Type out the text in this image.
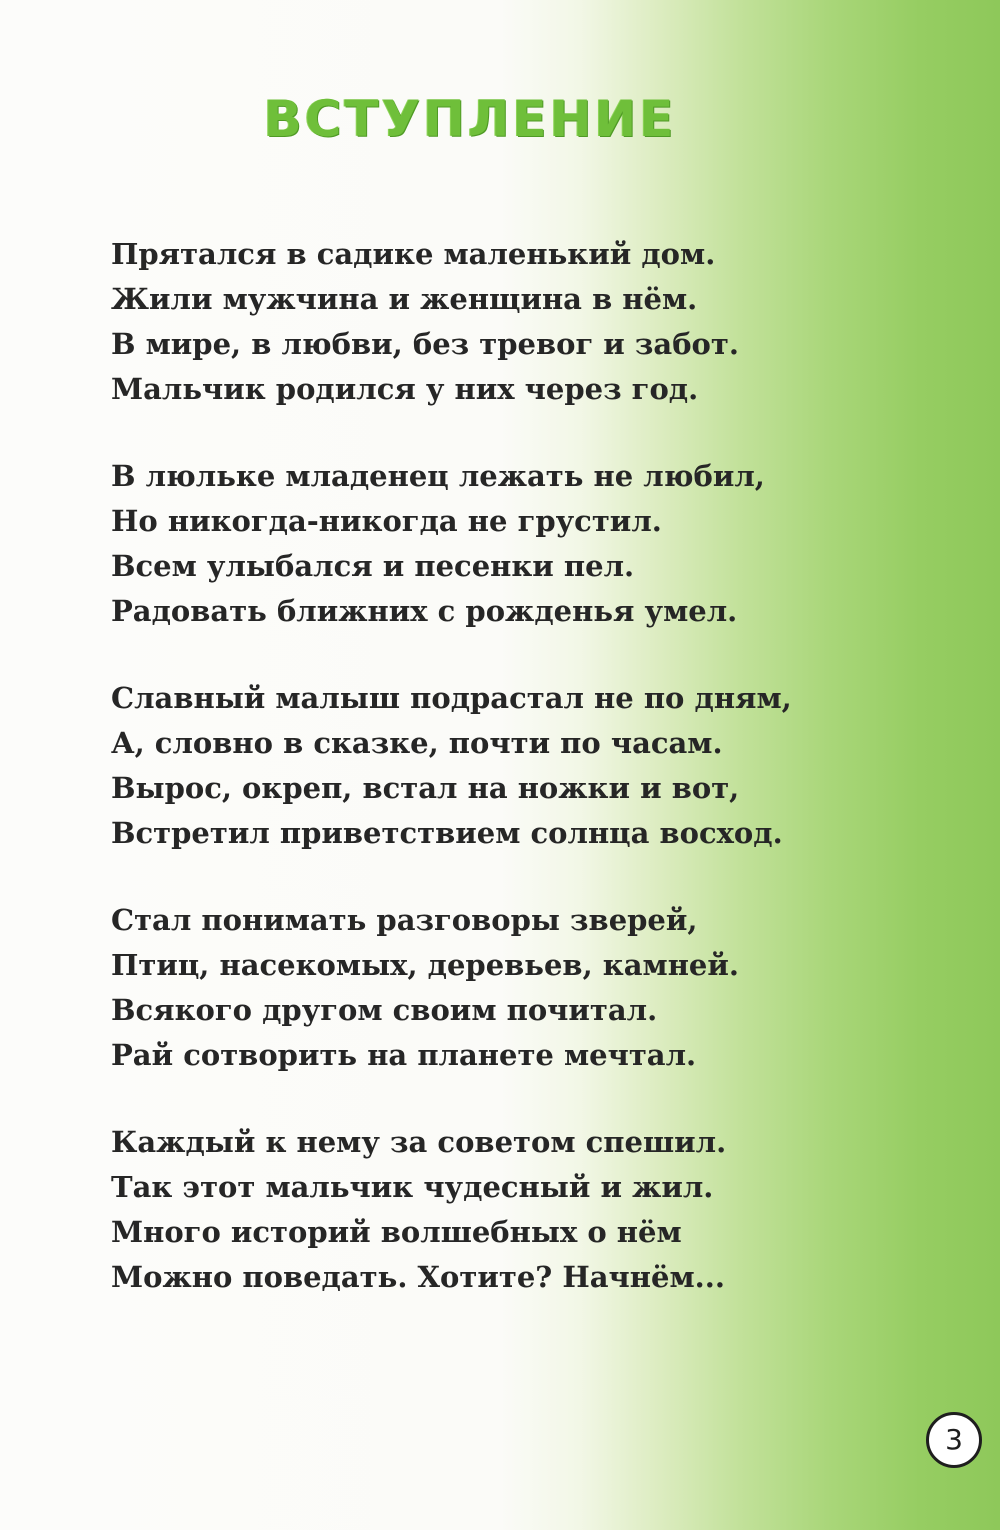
ВСТУПЛЕНИЕ
Прятался в садике маленький дом.
Жили мужчина и женщина в нём.
В мире, в любви, без тревог и забот.
Мальчик родился у них через год.
В люльке младенец лежать не любил,
Но никогда-никогда не грустил.
Всем улыбался и песенки пел.
Радовать ближних с рожденья умел.
Славный малыш подрастал не по дням,
А, словно в сказке, почти по часам.
Вырос, окреп, встал на ножки и вот,
Встретил приветствием солнца восход.
Стал понимать разговоры зверей,
Птиц, насекомых, деревьев, камней.
Всякого другом своим почитал.
Рай сотворить на планете мечтал.
Каждый к нему за советом спешил.
Так этот мальчик чудесный и жил.
Много историй волшебных о нём
Можно поведать. Хотите? Начнём...
3
